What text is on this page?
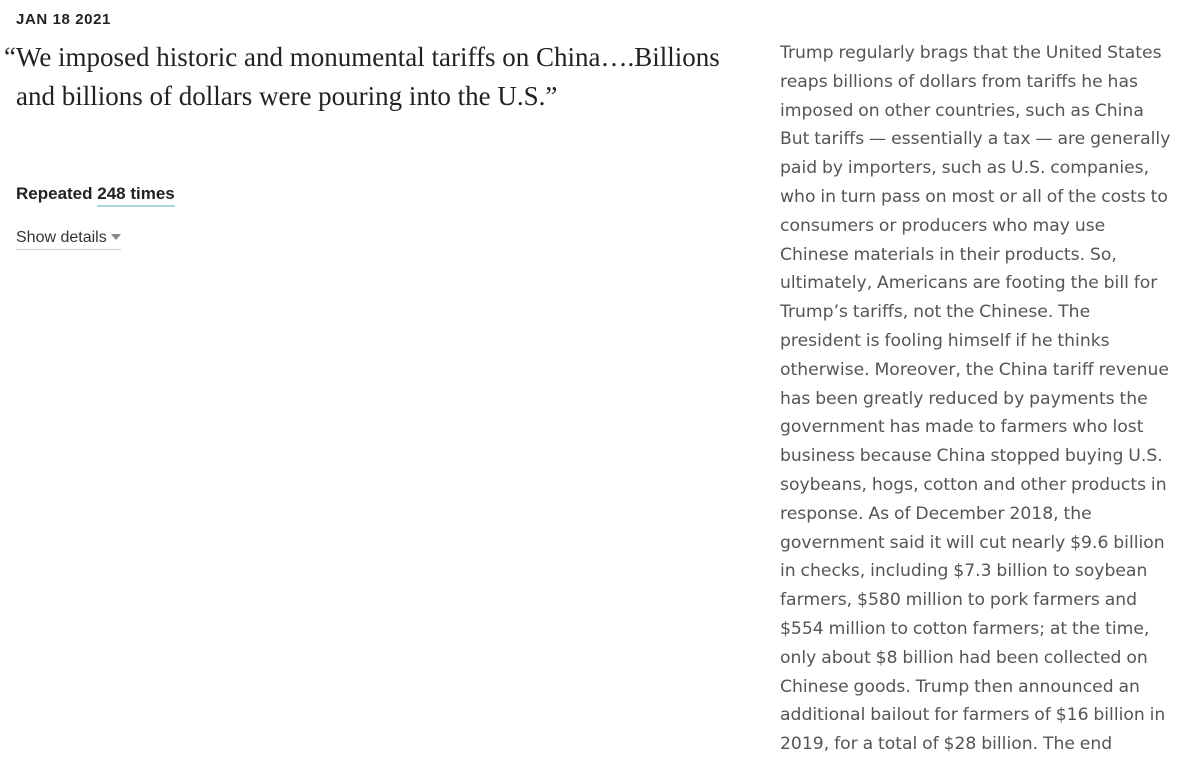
JAN 18 2021

“ We imposed historic and monumental tariffs on China….Billions and billions of dollars were pouring into the U.S.”

Repeated 248 times
Show details

Trump regularly brags that the United States reaps billions of dollars from tariffs he has imposed on other countries, such as China But tariffs — essentially a tax — are generally paid by importers, such as U.S. companies, who in turn pass on most or all of the costs to consumers or producers who may use Chinese materials in their products. So, ultimately, Americans are footing the bill for Trump’s tariffs, not the Chinese. The president is fooling himself if he thinks otherwise. Moreover, the China tariff revenue has been greatly reduced by payments the government has made to farmers who lost business because China stopped buying U.S. soybeans, hogs, cotton and other products in response. As of December 2018, the government said it will cut nearly $9.6 billion in checks, including $7.3 billion to soybean farmers, $580 million to pork farmers and $554 million to cotton farmers; at the time, only about $8 billion had been collected on Chinese goods. Trump then announced an additional bailout for farmers of $16 billion in 2019, for a total of $28 billion. The end
